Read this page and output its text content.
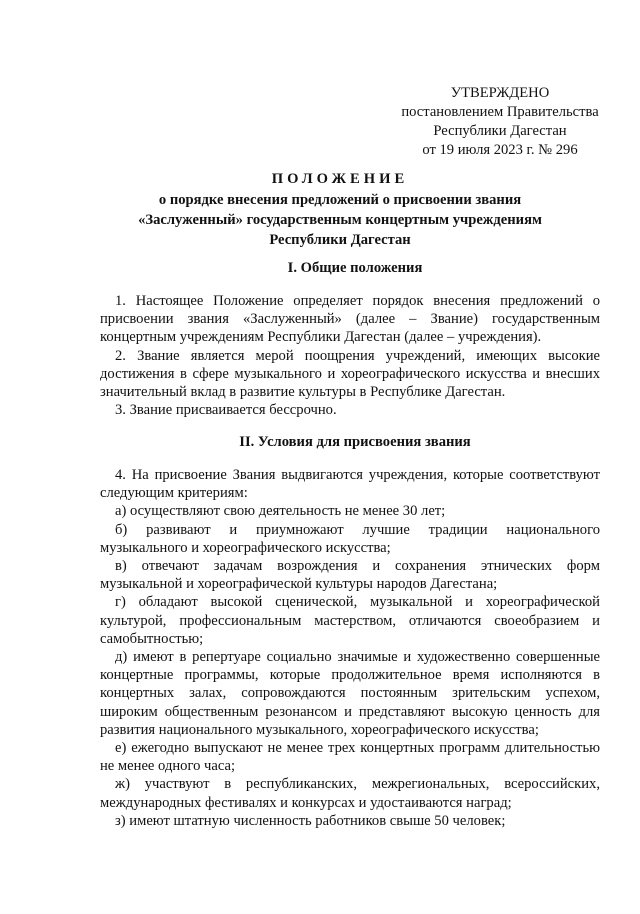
УТВЕРЖДЕНО
постановлением Правительства
Республики Дагестан
от 19 июля 2023 г. № 296
ПОЛОЖЕНИЕ
о порядке внесения предложений о присвоении звания
«Заслуженный» государственным концертным учреждениям
Республики Дагестан
I. Общие положения

1. Настоящее Положение определяет порядок внесения предложений о присвоении звания «Заслуженный» (далее – Звание) государственным концертным учреждениям Республики Дагестан (далее – учреждения).

2. Звание является мерой поощрения учреждений, имеющих высокие достижения в сфере музыкального и хореографического искусства и внесших значительный вклад в развитие культуры в Республике Дагестан.

3. Звание присваивается бессрочно.

II. Условия для присвоения звания

4. На присвоение Звания выдвигаются учреждения, которые соответствуют следующим критериям:

а) осуществляют свою деятельность не менее 30 лет;

б) развивают и приумножают лучшие традиции национального музыкального и хореографического искусства;

в) отвечают задачам возрождения и сохранения этнических форм музыкальной и хореографической культуры народов Дагестана;

г) обладают высокой сценической, музыкальной и хореографической культурой, профессиональным мастерством, отличаются своеобразием и самобытностью;

д) имеют в репертуаре социально значимые и художественно совершенные концертные программы, которые продолжительное время исполняются в концертных залах, сопровождаются постоянным зрительским успехом, широким общественным резонансом и представляют высокую ценность для развития национального музыкального, хореографического искусства;

е) ежегодно выпускают не менее трех концертных программ длительностью не менее одного часа;

ж) участвуют в республиканских, межрегиональных, всероссийских, международных фестивалях и конкурсах и удостаиваются наград;

з) имеют штатную численность работников свыше 50 человек;
